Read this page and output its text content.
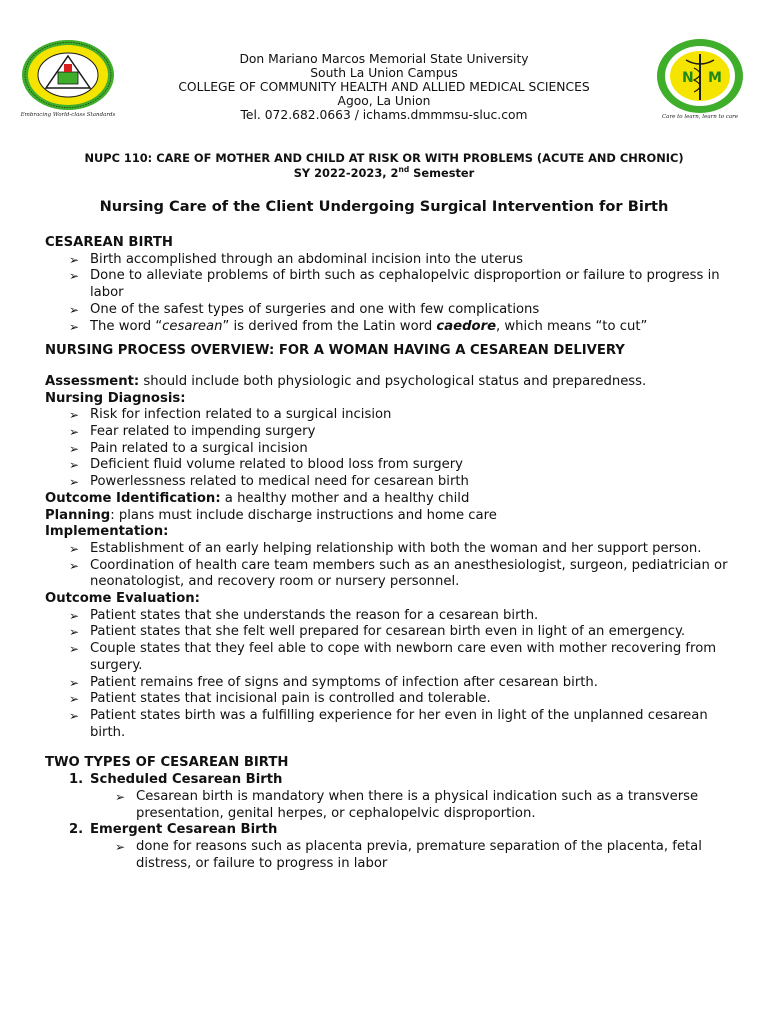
Embracing World-class Standards
Don Mariano Marcos Memorial State University
South La Union Campus
COLLEGE OF COMMUNITY HEALTH AND ALLIED MEDICAL SCIENCES
Agoo, La Union
Tel. 072.682.0663 / ichams.dmmmsu-sluc.com
N M
Care to learn, learn to care
NUPC 110: CARE OF MOTHER AND CHILD AT RISK OR WITH PROBLEMS (ACUTE AND CHRONIC)
SY 2022-2023, 2nd Semester
Nursing Care of the Client Undergoing Surgical Intervention for Birth
CESAREAN BIRTH
➢ Birth accomplished through an abdominal incision into the uterus
➢ Done to alleviate problems of birth such as cephalopelvic disproportion or failure to progress in labor
➢ One of the safest types of surgeries and one with few complications
➢ The word “cesarean” is derived from the Latin word caedore, which means “to cut”
NURSING PROCESS OVERVIEW: FOR A WOMAN HAVING A CESAREAN DELIVERY
Assessment: should include both physiologic and psychological status and preparedness.
Nursing Diagnosis:
➢ Risk for infection related to a surgical incision
➢ Fear related to impending surgery
➢ Pain related to a surgical incision
➢ Deficient fluid volume related to blood loss from surgery
➢ Powerlessness related to medical need for cesarean birth
Outcome Identification: a healthy mother and a healthy child
Planning: plans must include discharge instructions and home care
Implementation:
➢ Establishment of an early helping relationship with both the woman and her support person.
➢ Coordination of health care team members such as an anesthesiologist, surgeon, pediatrician or neonatologist, and recovery room or nursery personnel.
Outcome Evaluation:
➢ Patient states that she understands the reason for a cesarean birth.
➢ Patient states that she felt well prepared for cesarean birth even in light of an emergency.
➢ Couple states that they feel able to cope with newborn care even with mother recovering from surgery.
➢ Patient remains free of signs and symptoms of infection after cesarean birth.
➢ Patient states that incisional pain is controlled and tolerable.
➢ Patient states birth was a fulfilling experience for her even in light of the unplanned cesarean birth.
TWO TYPES OF CESAREAN BIRTH
1. Scheduled Cesarean Birth
➢ Cesarean birth is mandatory when there is a physical indication such as a transverse presentation, genital herpes, or cephalopelvic disproportion.
2. Emergent Cesarean Birth
➢ done for reasons such as placenta previa, premature separation of the placenta, fetal distress, or failure to progress in labor
